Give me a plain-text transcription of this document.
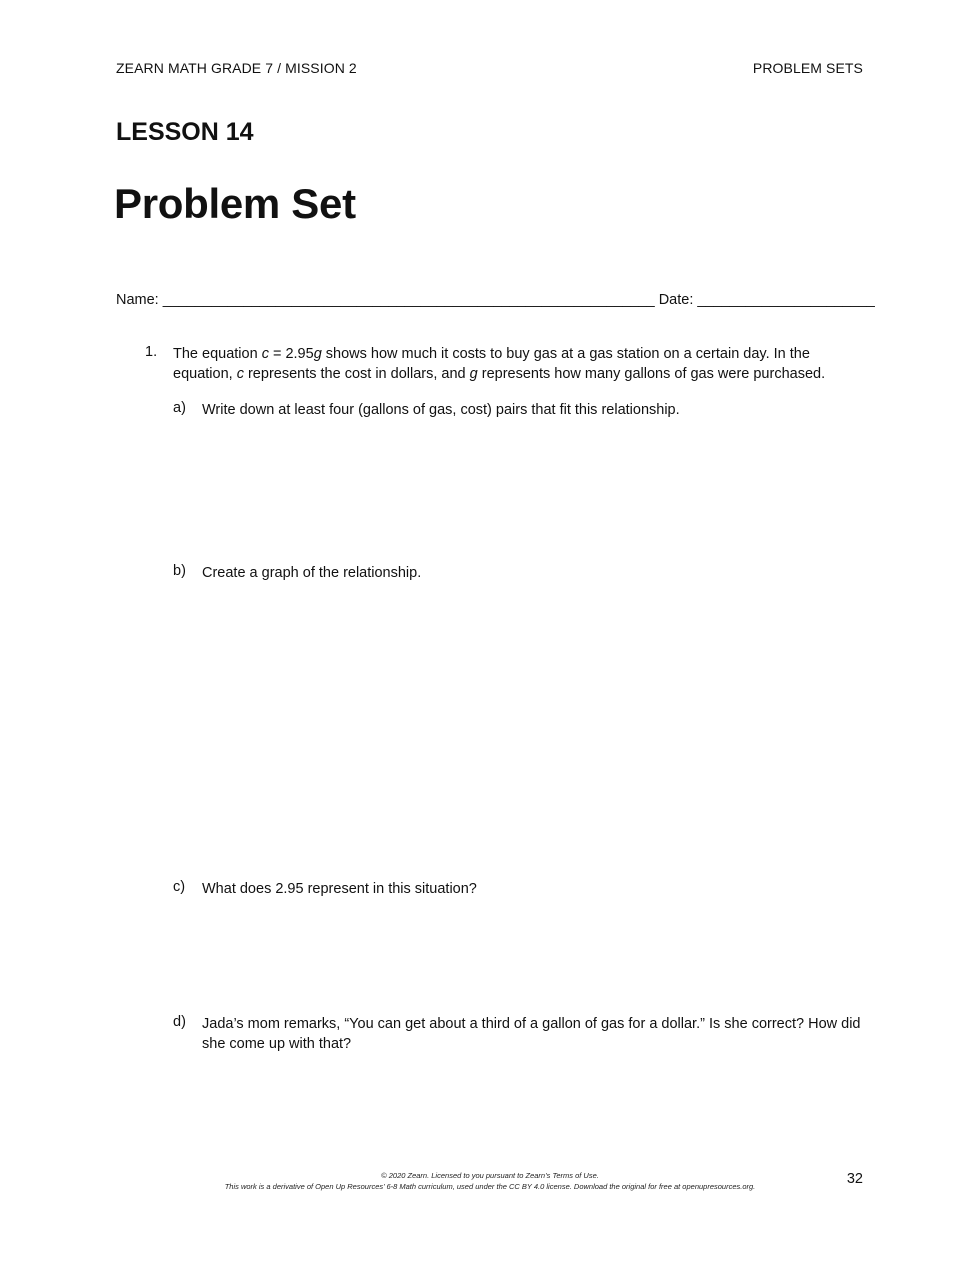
ZEARN MATH GRADE 7 / MISSION 2	PROBLEM SETS
LESSON 14
Problem Set
Name: _____________________________________________________________ Date: ______________________
1. The equation c = 2.95g shows how much it costs to buy gas at a gas station on a certain day. In the equation, c represents the cost in dollars, and g represents how many gallons of gas were purchased.
a) Write down at least four (gallons of gas, cost) pairs that fit this relationship.
b) Create a graph of the relationship.
c) What does 2.95 represent in this situation?
d) Jada’s mom remarks, “You can get about a third of a gallon of gas for a dollar.” Is she correct? How did she come up with that?
© 2020 Zearn. Licensed to you pursuant to Zearn’s Terms of Use.
This work is a derivative of Open Up Resources’ 6-8 Math curriculum, used under the CC BY 4.0 license. Download the original for free at openupresources.org.	32
